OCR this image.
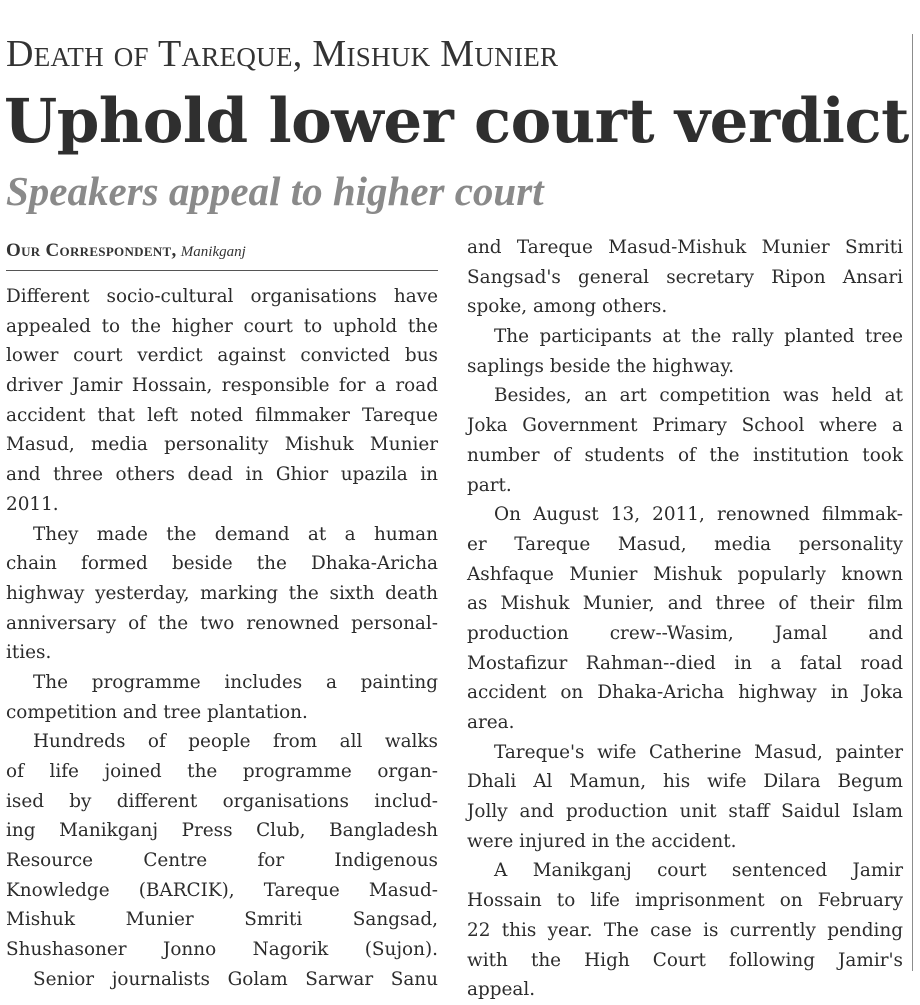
Death of Tareque, Mishuk Munier
Uphold lower court verdict
Speakers appeal to higher court
Our Correspondent, Manikganj
Different socio-cultural organisations have
appealed to the higher court to uphold the
lower court verdict against convicted bus
driver Jamir Hossain, responsible for a road
accident that left noted filmmaker Tareque
Masud, media personality Mishuk Munier
and three others dead in Ghior upazila in
2011.
They made the demand at a human
chain formed beside the Dhaka-Aricha
highway yesterday, marking the sixth death
anniversary of the two renowned personal-
ities.
The programme includes a painting
competition and tree plantation.
Hundreds of people from all walks
of life joined the programme organ-
ised by different organisations includ-
ing Manikganj Press Club, Bangladesh
Resource Centre for Indigenous
Knowledge (BARCIK), Tareque Masud-
Mishuk Munier Smriti Sangsad,
Shushasoner Jonno Nagorik (Sujon).
Senior journalists Golam Sarwar Sanu
and Tareque Masud-Mishuk Munier Smriti
Sangsad's general secretary Ripon Ansari
spoke, among others.
The participants at the rally planted tree
saplings beside the highway.
Besides, an art competition was held at
Joka Government Primary School where a
number of students of the institution took
part.
On August 13, 2011, renowned filmmak-
er Tareque Masud, media personality
Ashfaque Munier Mishuk popularly known
as Mishuk Munier, and three of their film
production crew--Wasim, Jamal and
Mostafizur Rahman--died in a fatal road
accident on Dhaka-Aricha highway in Joka
area.
Tareque's wife Catherine Masud, painter
Dhali Al Mamun, his wife Dilara Begum
Jolly and production unit staff Saidul Islam
were injured in the accident.
A Manikganj court sentenced Jamir
Hossain to life imprisonment on February
22 this year. The case is currently pending
with the High Court following Jamir's
appeal.
